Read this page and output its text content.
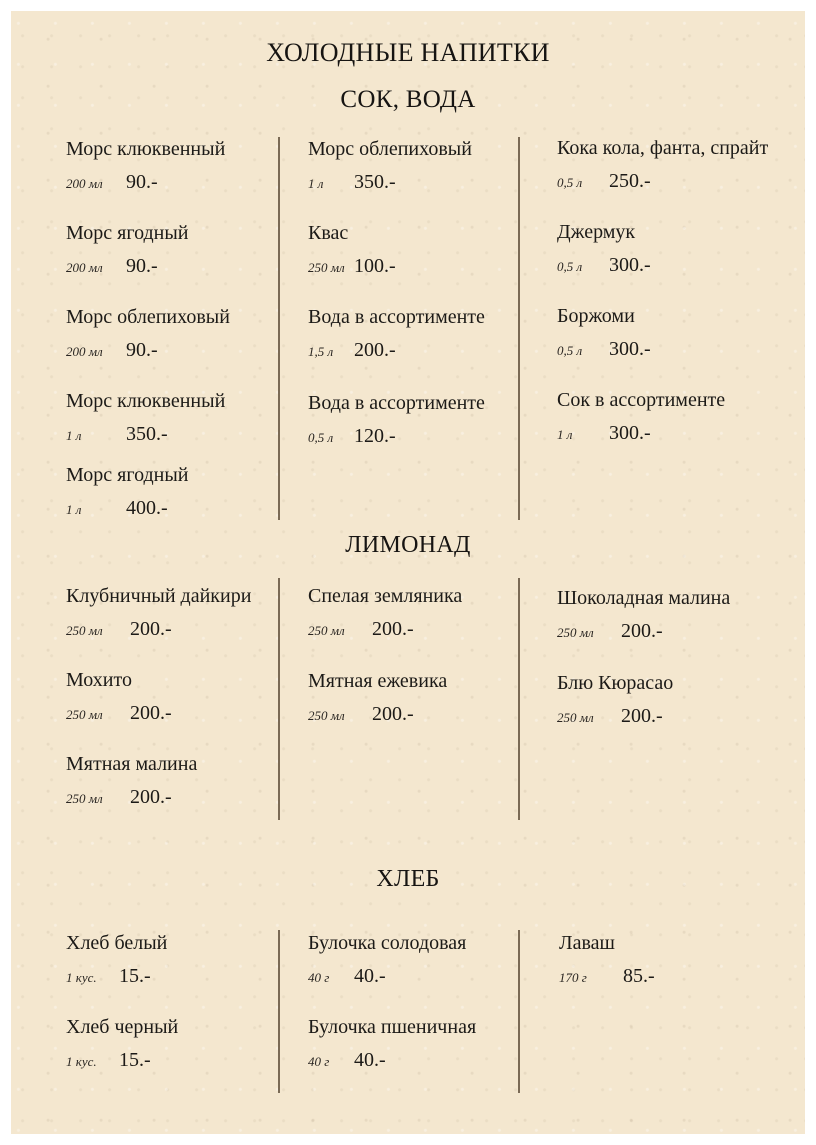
ХОЛОДНЫЕ НАПИТКИ
СОК, ВОДА
ЛИМОНАД
ХЛЕБ
Морс клюквенный
200 мл	90.-
Морс ягодный
200 мл	90.-
Морс облепиховый
200 мл	90.-
Морс клюквенный
1 л	350.-
Морс ягодный
1 л	400.-
Морс облепиховый
1 л	350.-
Квас
250 мл 100.-
Вода в ассортименте
1,5 л	200.-
Вода в ассортименте
0,5 л	120.-
Кока кола, фанта, спрайт
0,5 л	250.-
Джермук
0,5 л	300.-
Боржоми
0,5 л	300.-
Сок в ассортименте
1 л	300.-
Клубничный дайкири
250 мл	200.-
Мохито
250 мл	200.-
Мятная малина
250 мл	200.-
Спелая земляника
250 мл	200.-
Мятная ежевика
250 мл	200.-
Шоколадная малина
250 мл	200.-
Блю Кюрасао
250 мл	200.-
Хлеб белый
1 кус.	15.-
Хлеб черный
1 кус.	15.-
Булочка солодовая
40 г	40.-
Булочка пшеничная
40 г	40.-
Лаваш
170 г	85.-
